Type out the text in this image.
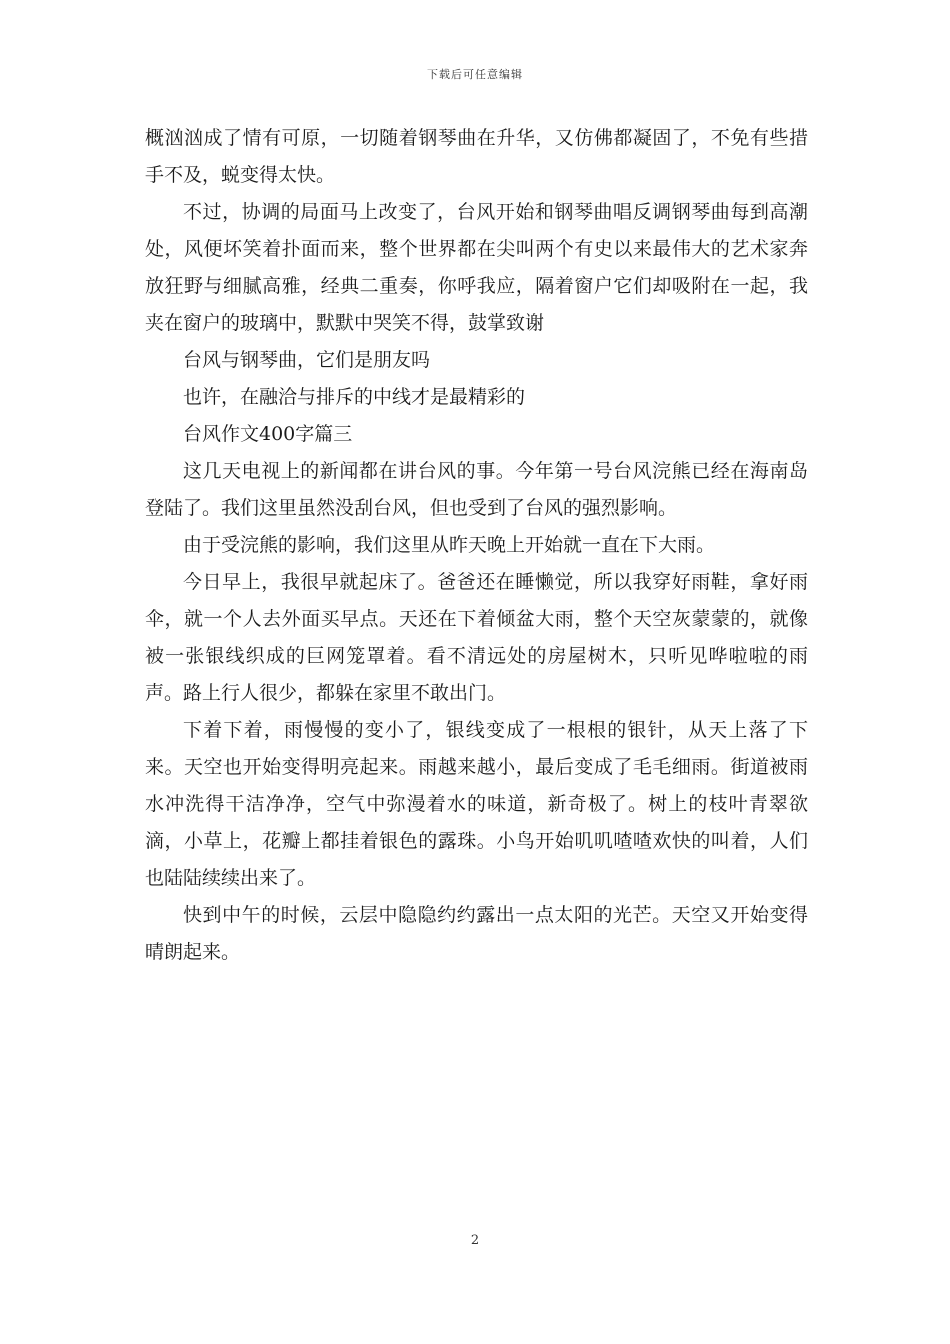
下载后可任意编辑

概汹汹成了情有可原，一切随着钢琴曲在升华，又仿佛都凝固了，不免有些措手不及，蜕变得太快。

不过，协调的局面马上改变了，台风开始和钢琴曲唱反调钢琴曲每到高潮处，风便坏笑着扑面而来，整个世界都在尖叫两个有史以来最伟大的艺术家奔放狂野与细腻高雅，经典二重奏，你呼我应，隔着窗户它们却吸附在一起，我夹在窗户的玻璃中，默默中哭笑不得，鼓掌致谢

台风与钢琴曲，它们是朋友吗

也许，在融洽与排斥的中线才是最精彩的

台风作文400字篇三

这几天电视上的新闻都在讲台风的事。今年第一号台风浣熊已经在海南岛登陆了。我们这里虽然没刮台风，但也受到了台风的强烈影响。

由于受浣熊的影响，我们这里从昨天晚上开始就一直在下大雨。

今日早上，我很早就起床了。爸爸还在睡懒觉，所以我穿好雨鞋，拿好雨伞，就一个人去外面买早点。天还在下着倾盆大雨，整个天空灰蒙蒙的，就像被一张银线织成的巨网笼罩着。看不清远处的房屋树木，只听见哗啦啦的雨声。路上行人很少，都躲在家里不敢出门。

下着下着，雨慢慢的变小了，银线变成了一根根的银针，从天上落了下来。天空也开始变得明亮起来。雨越来越小，最后变成了毛毛细雨。街道被雨水冲洗得干洁净净，空气中弥漫着水的味道，新奇极了。树上的枝叶青翠欲滴，小草上，花瓣上都挂着银色的露珠。小鸟开始叽叽喳喳欢快的叫着，人们也陆陆续续出来了。

快到中午的时候，云层中隐隐约约露出一点太阳的光芒。天空又开始变得晴朗起来。

2
